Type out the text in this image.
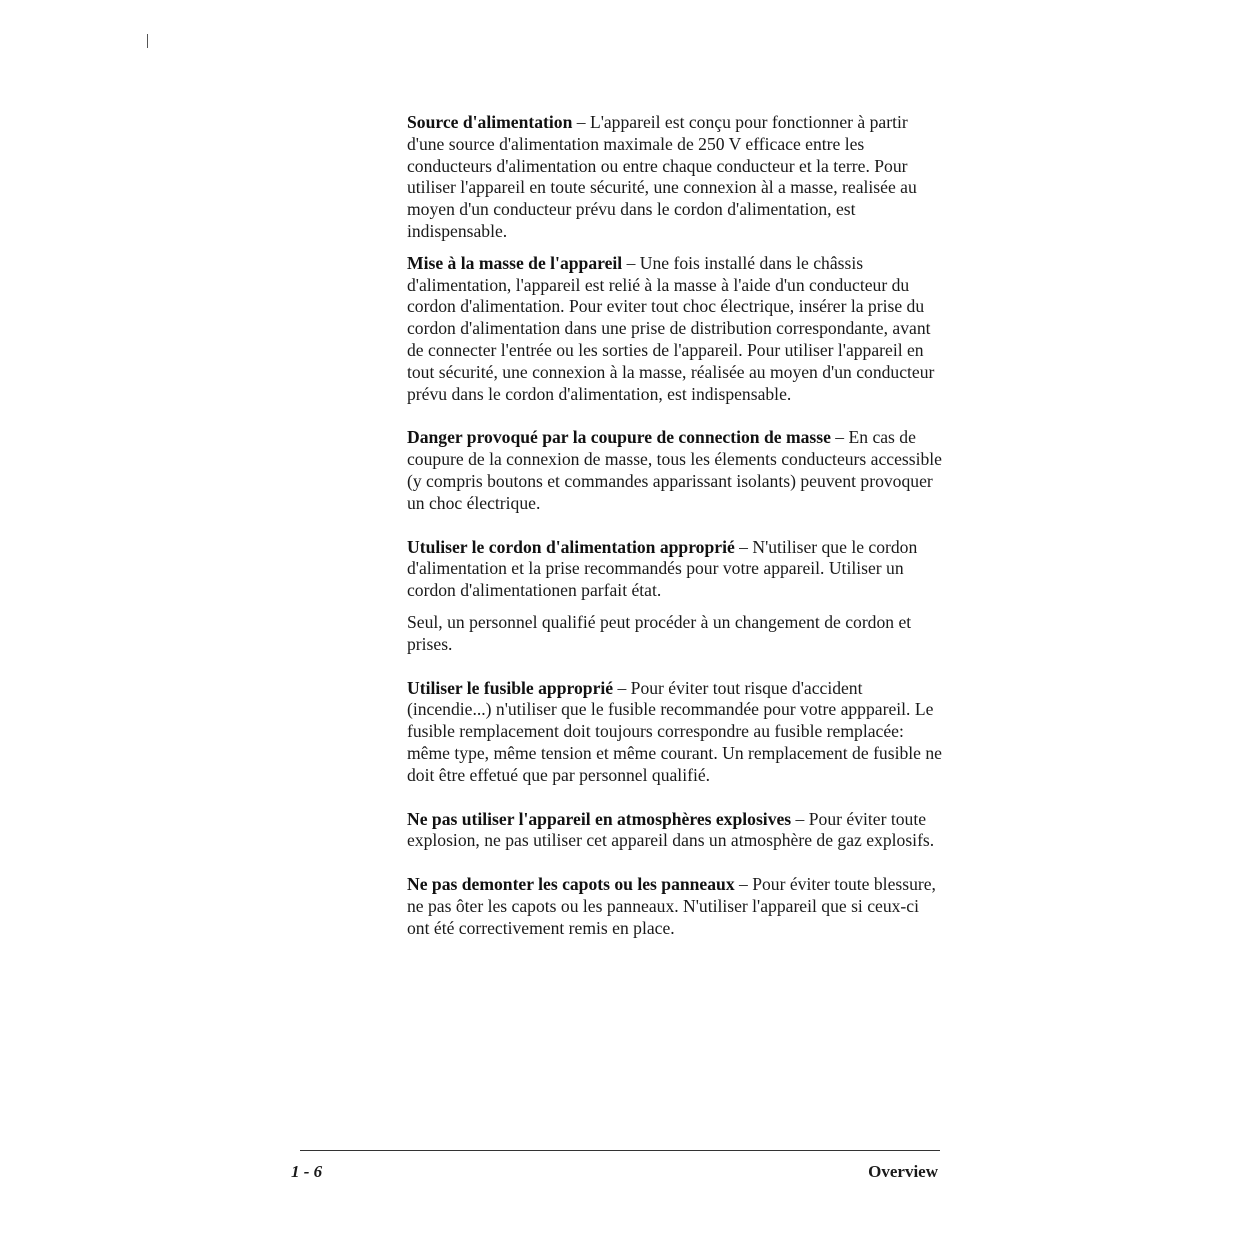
Source d'alimentation – L'appareil est conçu pour fonctionner à partir d'une source d'alimentation maximale de 250 V efficace entre les conducteurs d'alimentation ou entre chaque conducteur et la terre. Pour utiliser l'appareil en toute sécurité, une connexion àl a masse, realisée au moyen d'un conducteur prévu dans le cordon d'alimentation, est indispensable.

Mise à la masse de l'appareil – Une fois installé dans le châssis d'alimentation, l'appareil est relié à la masse à l'aide d'un conducteur du cordon d'alimentation. Pour eviter tout choc électrique, insérer la prise du cordon d'alimentation dans une prise de distribution correspondante, avant de connecter l'entrée ou les sorties de l'appareil. Pour utiliser l'appareil en tout sécurité, une connexion à la masse, réalisée au moyen d'un conducteur prévu dans le cordon d'alimentation, est indispensable.

Danger provoqué par la coupure de connection de masse – En cas de coupure de la connexion de masse, tous les élements conducteurs accessible (y compris boutons et commandes apparissant isolants) peuvent provoquer un choc électrique.

Utuliser le cordon d'alimentation approprié – N'utiliser que le cordon d'alimentation et la prise recommandés pour votre appareil. Utiliser un cordon d'alimentationen parfait état.

Seul, un personnel qualifié peut procéder à un changement de cordon et prises.

Utiliser le fusible approprié – Pour éviter tout risque d'accident (incendie...) n'utiliser que le fusible recommandée pour votre apppareil. Le fusible remplacement doit toujours correspondre au fusible remplacée: même type, même tension et même courant. Un remplacement de fusible ne doit être effetué que par personnel qualifié.

Ne pas utiliser l'appareil en atmosphères explosives – Pour éviter toute explosion, ne pas utiliser cet appareil dans un atmosphère de gaz explosifs.

Ne pas demonter les capots ou les panneaux – Pour éviter toute blessure, ne pas ôter les capots ou les panneaux. N'utiliser l'appareil que si ceux-ci ont été correctivement remis en place.

1 - 6	Overview
